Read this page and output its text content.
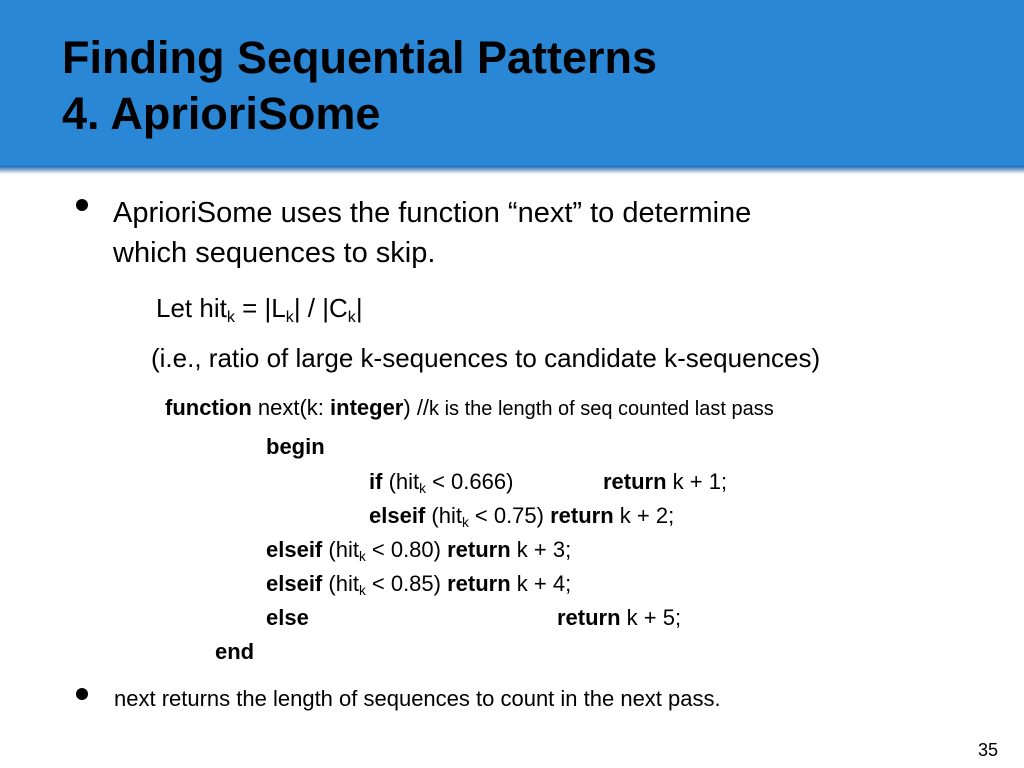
Finding Sequential Patterns
4. AprioriSome
AprioriSome uses the function “next” to determine
which sequences to skip.
Let $hit_k = |L_k| / |C_k|$
(i.e., ratio of large k-sequences to candidate k-sequences)
function next(k: integer) //k is the length of seq counted last pass
begin
if (hit$_k$ < 0.666)	return k + 1;
elseif (hit$_k$ < 0.75) return k + 2;
elseif (hit$_k$ < 0.80) return k + 3;
elseif (hit$_k$ < 0.85) return k + 4;
else	return k + 5;
end
next returns the length of sequences to count in the next pass.
35
